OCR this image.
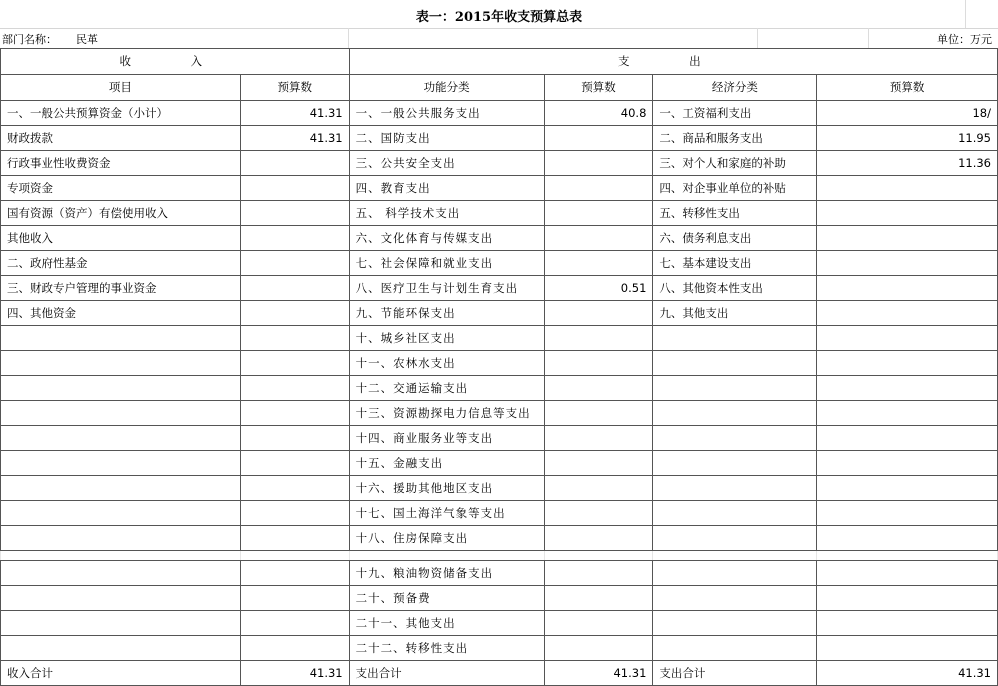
表一：2015年收支预算总表
部门名称： 民革	单位：万元
收 入		支 出			
项目	预算数	功能分类	预算数	经济分类	预算数
一、一般公共预算资金（小计）	41.31	一、一般公共服务支出	40.8	一、工资福利支出	18/
财政拨款	41.31	二、国防支出		二、商品和服务支出	11.95
行政事业性收费资金		三、公共安全支出		三、对个人和家庭的补助	11.36
专项资金		四、教育支出		四、对企事业单位的补贴	
国有资源（资产）有偿使用收入		五、 科学技术支出		五、转移性支出	
其他收入		六、文化体育与传媒支出		六、债务利息支出	
二、政府性基金		七、社会保障和就业支出		七、基本建设支出	
三、财政专户管理的事业资金		八、医疗卫生与计划生育支出	0.51	八、其他资本性支出	
四、其他资金		九、节能环保支出		九、其他支出	
		十、城乡社区支出			
		十一、农林水支出			
		十二、交通运输支出			
		十三、资源勘探电力信息等支出			
		十四、商业服务业等支出			
		十五、金融支出			
		十六、援助其他地区支出			
		十七、国土海洋气象等支出			
		十八、住房保障支出			

		十九、粮油物资储备支出			
		二十、预备费			
		二十一、其他支出			
		二十二、转移性支出			
收入合计	41.31	支出合计	41.31	支出合计	41.31
